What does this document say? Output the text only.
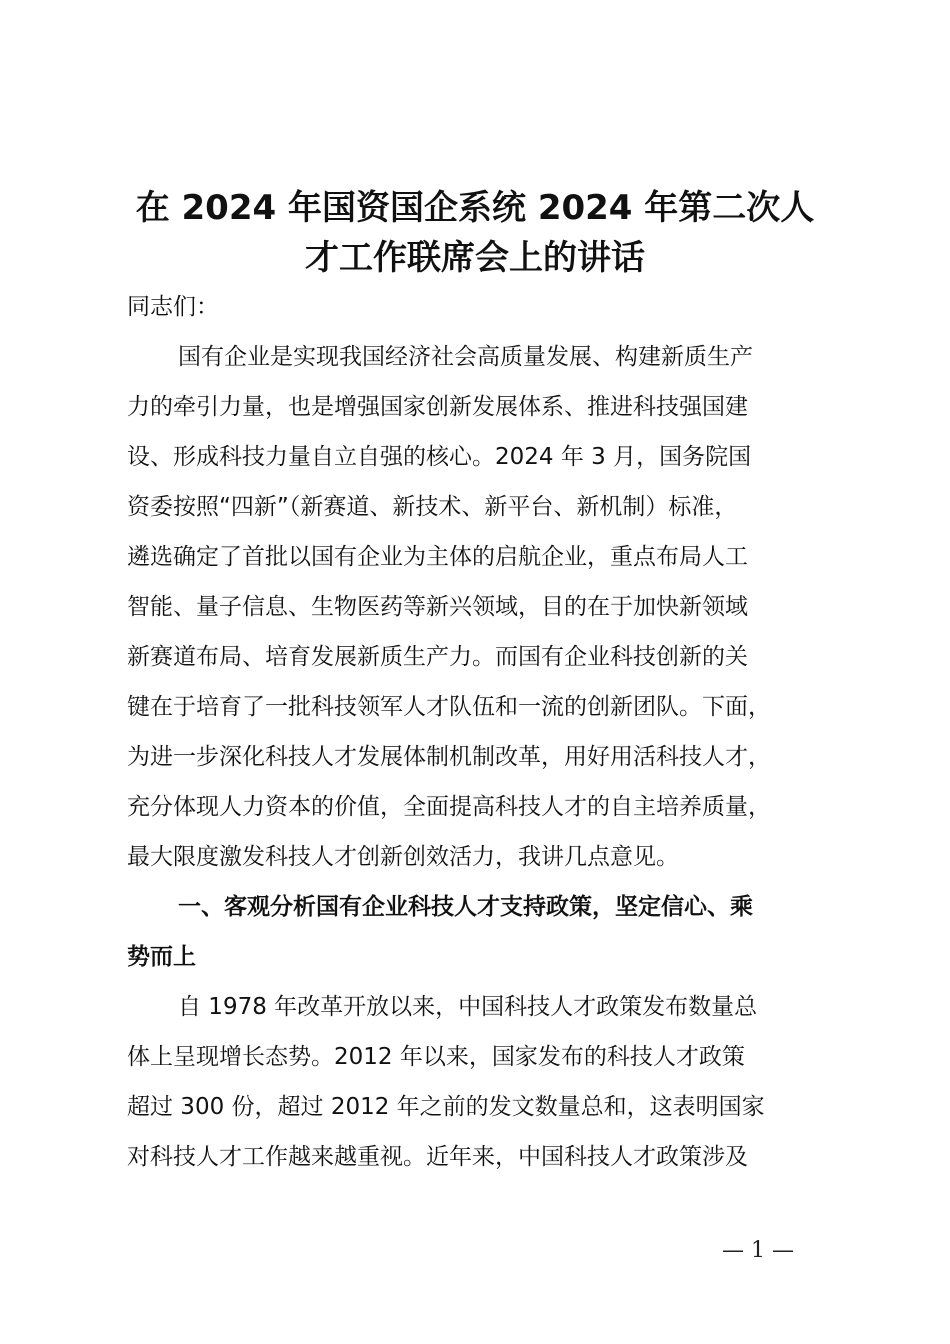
在 2024 年国资国企系统 2024 年第二次人
才工作联席会上的讲话
同志们：
国有企业是实现我国经济社会高质量发展、构建新质生产
力的牵引力量，也是增强国家创新发展体系、推进科技强国建
设、形成科技力量自立自强的核心。2024 年 3 月，国务院国
资委按照“四新”（新赛道、新技术、新平台、新机制）标准，
遴选确定了首批以国有企业为主体的启航企业，重点布局人工
智能、量子信息、生物医药等新兴领域，目的在于加快新领域
新赛道布局、培育发展新质生产力。而国有企业科技创新的关
键在于培育了一批科技领军人才队伍和一流的创新团队。下面，
为进一步深化科技人才发展体制机制改革，用好用活科技人才，
充分体现人力资本的价值，全面提高科技人才的自主培养质量，
最大限度激发科技人才创新创效活力，我讲几点意见。
一、客观分析国有企业科技人才支持政策，坚定信心、乘
势而上
自 1978 年改革开放以来，中国科技人才政策发布数量总
体上呈现增长态势。2012 年以来，国家发布的科技人才政策
超过 300 份，超过 2012 年之前的发文数量总和，这表明国家
对科技人才工作越来越重视。近年来，中国科技人才政策涉及
— 1 —
